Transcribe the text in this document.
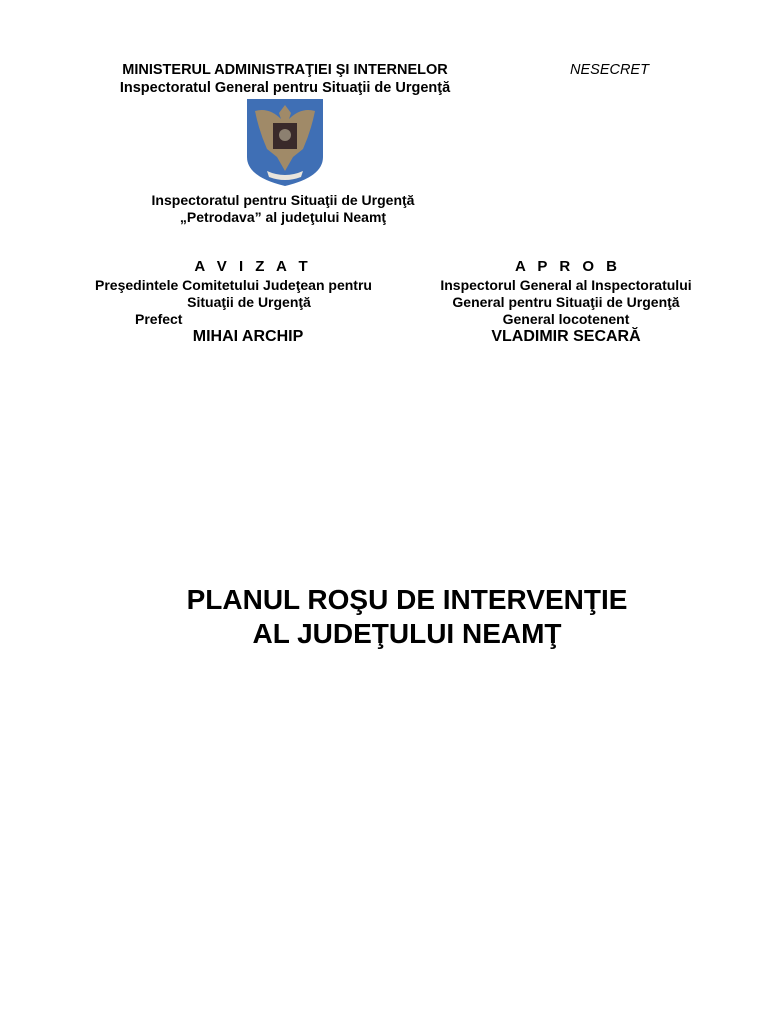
MINISTERUL ADMINISTRAŢIEI ŞI INTERNELOR
Inspectoratul General pentru Situaţii de Urgenţă
NESECRET
Inspectoratul pentru Situaţii de Urgenţă
„Petrodava” al judeţului Neamţ
A V I Z A T
Preşedintele Comitetului Judeţean pentru
Situaţii de Urgenţă
Prefect
MIHAI ARCHIP
A P R O B
Inspectorul General al Inspectoratului
General pentru Situaţii de Urgenţă
General locotenent
VLADIMIR SECARĂ
PLANUL ROŞU DE INTERVENŢIE
AL JUDEŢULUI NEAMŢ
